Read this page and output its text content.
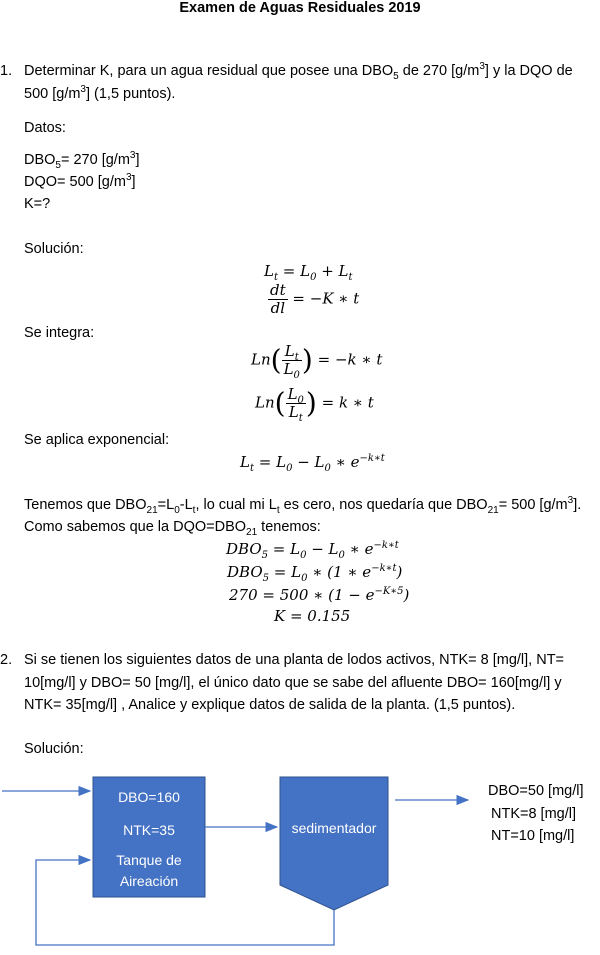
Examen de Aguas Residuales 2019
1. Determinar K, para un agua residual que posee una $DBO_5$ de 270 $[g/m^3]$ y la DQO de
500 $[g/m^3]$ (1,5 puntos).
Datos:
$DBO_5= 270$ $[g/m^3]$
DQO= 500 $[g/m^3]$
K=?
Solución:
$L_t = L_0 + L_t$
$\frac{dt}{dl} = -K$ ∗ t
Se integra:
$Ln( \frac{L_t}{L_0}$ ) = −k ∗ t
$Ln( \frac{L_0}{L_t}$ ) = k ∗ t
Se aplica exponencial:
$L_t = L_0 - L_0$ ∗ $e^{-k∗t}$
Tenemos que $DBO_{21}=L_0-L_t$, lo cual mi $L_t$ es cero, nos quedaría que $DBO_{21}= 500$ $[g/m^3]$.
Como sabemos que la $DQO=DBO_{21}$ tenemos:
$DBO_5 = L_0 - L_0$ ∗ $e^{-k∗t}$
$DBO_5 = L_0$ ∗ (1 ∗ $e^{-k∗t}$)
270 = 500 ∗ $(1 - e^{-K∗5})$
K = 0.155
2. Si se tienen los siguientes datos de una planta de lodos activos, NTK= 8 [mg/l], NT=
10[mg/l] y DBO= 50 [mg/l], el único dato que se sabe del afluente DBO= 160[mg/l] y
NTK= 35[mg/l] , Analice y explique datos de salida de la planta. (1,5 puntos).
Solución:
DBO=160
NTK=35
Tanque de
Aireación
sedimentador
DBO=50 [mg/l]
NTK=8 [mg/l]
NT=10 [mg/l]
